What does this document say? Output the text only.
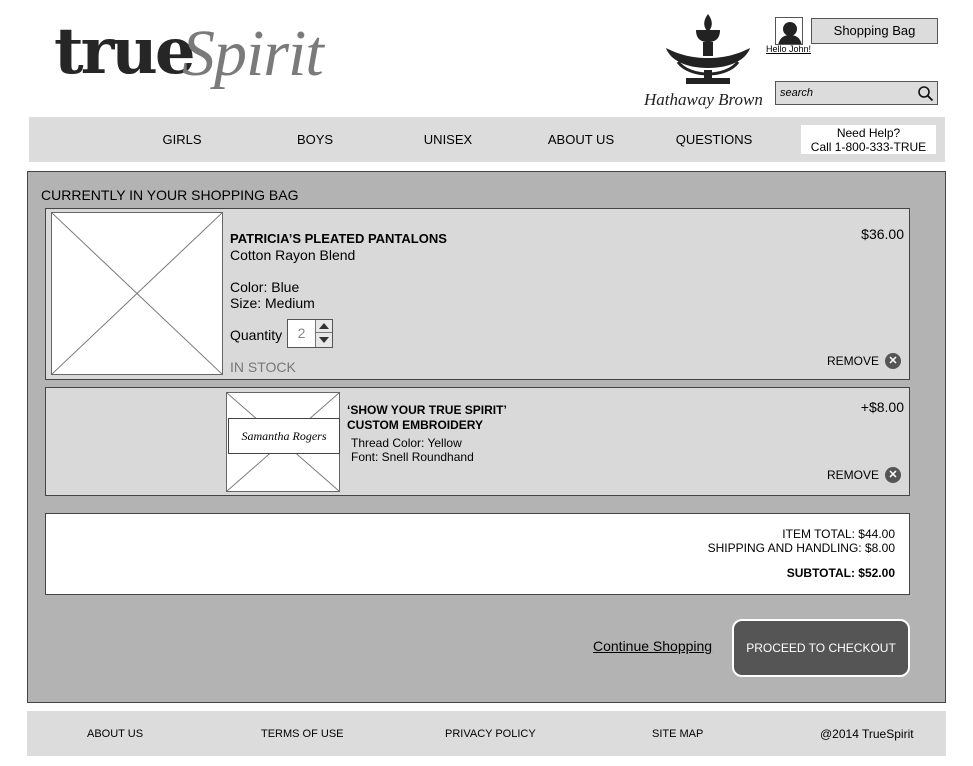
true
Spirit
Hathaway Brown
Hello John!
Shopping Bag
search
GIRLS	BOYS	UNISEX	ABOUT US	QUESTIONS	Need Help?
Call 1-800-333-TRUE
CURRENTLY IN YOUR SHOPPING BAG
PATRICIA’S PLEATED PANTALONS
Cotton Rayon Blend
Color: Blue
Size: Medium
Quantity	2
IN STOCK
$36.00
REMOVE ✕
Samantha Rogers
‘SHOW YOUR TRUE SPIRIT’
CUSTOM EMBROIDERY
Thread Color: Yellow
Font: Snell Roundhand
+$8.00
REMOVE ✕
ITEM TOTAL: $44.00
SHIPPING AND HANDLING: $8.00
SUBTOTAL: $52.00
Continue Shopping	PROCEED TO CHECKOUT
ABOUT US	TERMS OF USE	PRIVACY POLICY	SITE MAP	@2014 TrueSpirit
